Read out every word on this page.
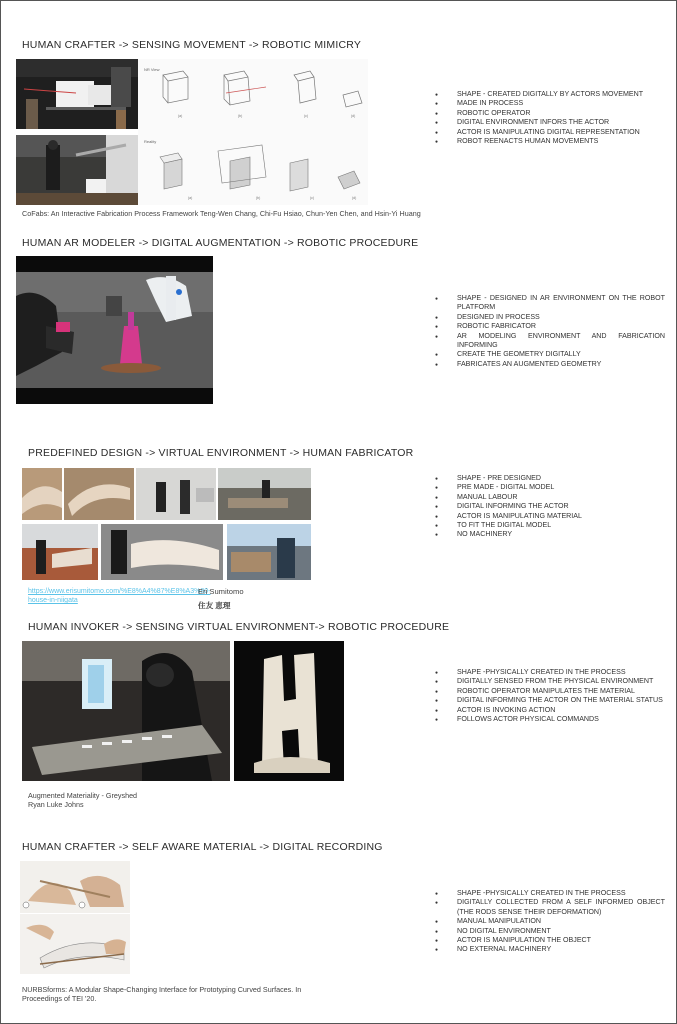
HUMAN CRAFTER -> SENSING MOVEMENT -> ROBOTIC MIMICRY
NR View
Reality
(a)	(b)	(c)	(d)
(a)	(b)	(c)	(d)
CoFabs: An Interactive Fabrication Process Framework Teng-Wen Chang, Chi-Fu Hsiao, Chun-Yen Chen, and Hsin-Yi Huang
● SHAPE - CREATED DIGITALLY BY ACTORS MOVEMENT
● MADE IN PROCESS
● ROBOTIC OPERATOR
● DIGITAL ENVIRONMENT INFORS THE ACTOR
● ACTOR IS MANIPULATING DIGITAL REPRESENTATION
● ROBOT REENACTS HUMAN MOVEMENTS
HUMAN AR MODELER -> DIGITAL AUGMENTATION -> ROBOTIC PROCEDURE
● SHAPE - DESIGNED IN AR ENVIRONMENT ON THE ROBOT PLATFORM
● DESIGNED IN PROCESS
● ROBOTIC FABRICATOR
● AR MODELING ENVIRONMENT AND FABRICATION INFORMING
● CREATE THE GEOMETRY DIGITALLY
● FABRICATES AN AUGMENTED GEOMETRY
PREDEFINED DESIGN -> VIRTUAL ENVIRONMENT -> HUMAN FABRICATOR
https://www.erisumitomo.com/%E8%A4%87%E8%A3%80-house-in-niigata
Eri Sumitomo
住友 恵理
● SHAPE - PRE DESIGNED
● PRE MADE - DIGITAL MODEL
● MANUAL LABOUR
● DIGITAL INFORMING THE ACTOR
● ACTOR IS MANIPULATING MATERIAL
● TO FIT THE DIGITAL MODEL
● NO MACHINERY
HUMAN INVOKER -> SENSING VIRTUAL ENVIRONMENT-> ROBOTIC PROCEDURE
Augmented Materiality - Greyshed
Ryan Luke Johns
● SHAPE -PHYSICALLY CREATED IN THE PROCESS
● DIGITALLY SENSED FROM THE PHYSICAL ENVIRONMENT
● ROBOTIC OPERATOR MANIPULATES THE MATERIAL
● DIGITAL INFORMING THE ACTOR ON THE MATERIAL STATUS
● ACTOR IS INVOKING ACTION
● FOLLOWS ACTOR PHYSICAL COMMANDS
HUMAN CRAFTER -> SELF AWARE MATERIAL -> DIGITAL RECORDING
NURBSforms: A Modular Shape-Changing Interface for Prototyping Curved Surfaces. In Proceedings of TEI '20.
● SHAPE -PHYSICALLY CREATED IN THE PROCESS
● DIGITALLY COLLECTED FROM A SELF INFORMED OBJECT (THE RODS SENSE THEIR DEFORMATION)
● MANUAL MANIPULATION
● NO DIGITAL ENVIRONMENT
● ACTOR IS MANIPULATION THE OBJECT
● NO EXTERNAL MACHINERY
